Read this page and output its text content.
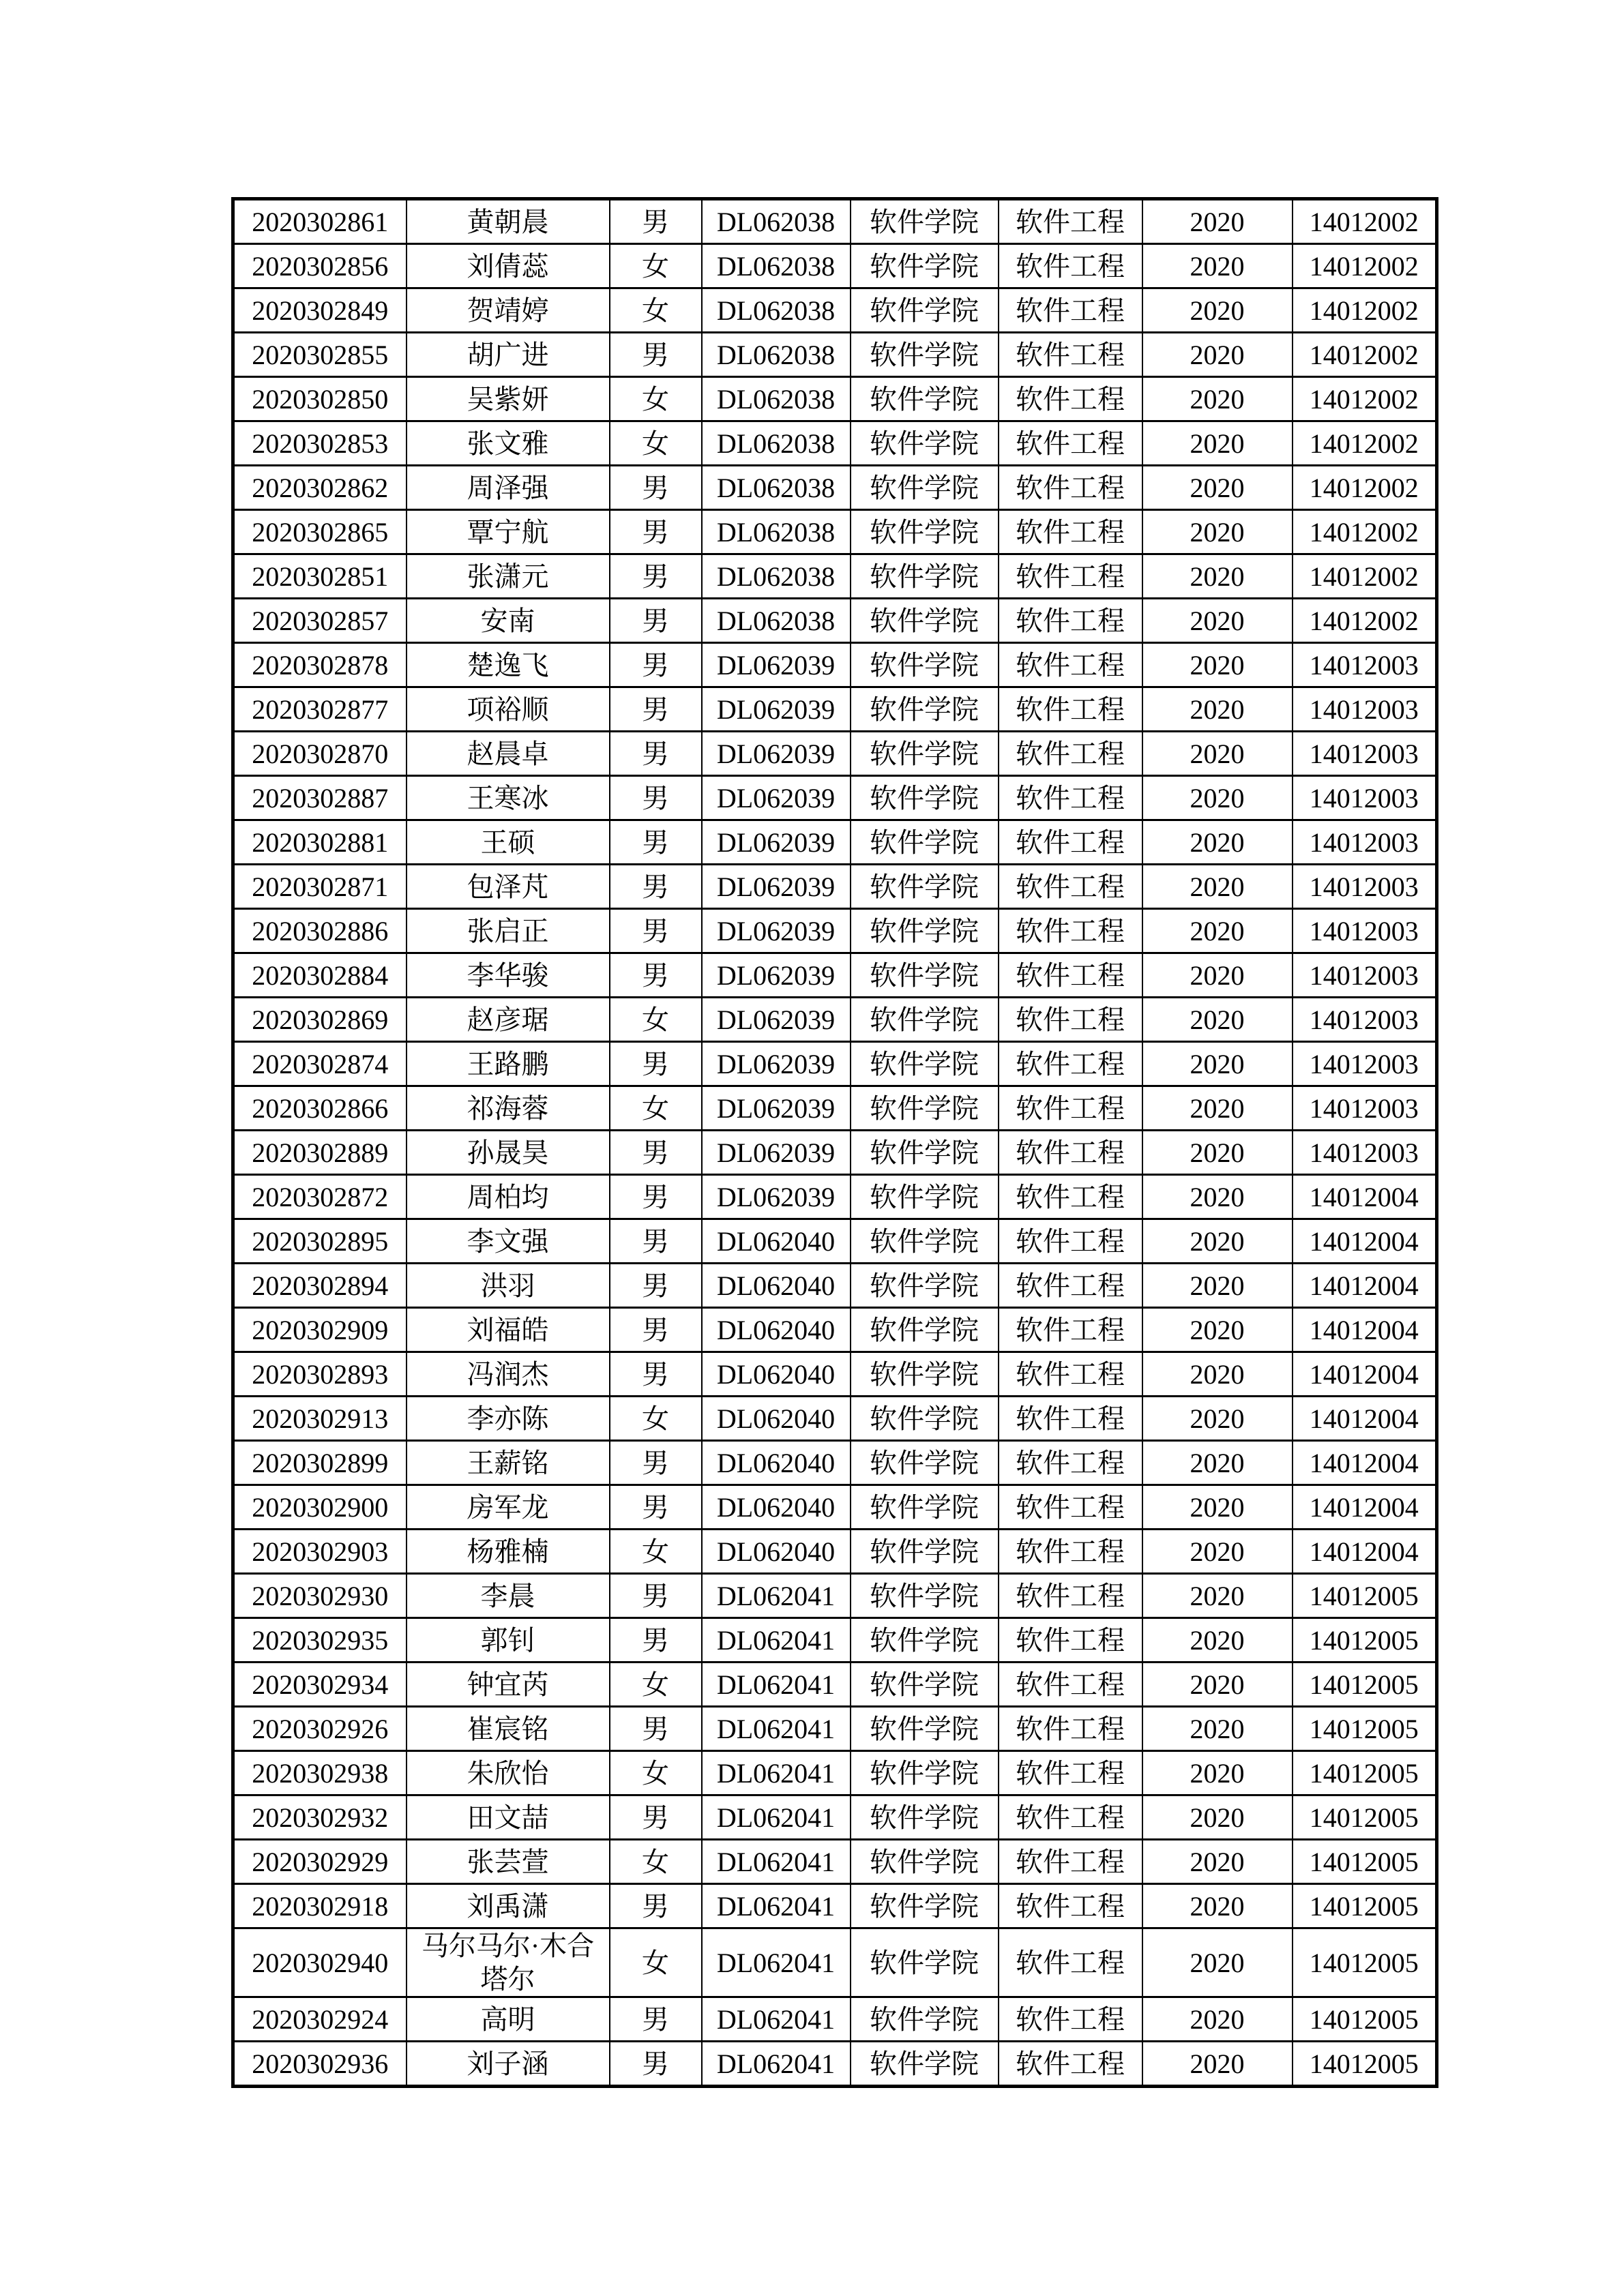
2020302861	黄朝晨	男	DL062038	软件学院	软件工程	2020	14012002
2020302856	刘倩蕊	女	DL062038	软件学院	软件工程	2020	14012002
2020302849	贺靖婷	女	DL062038	软件学院	软件工程	2020	14012002
2020302855	胡广进	男	DL062038	软件学院	软件工程	2020	14012002
2020302850	吴紫妍	女	DL062038	软件学院	软件工程	2020	14012002
2020302853	张文雅	女	DL062038	软件学院	软件工程	2020	14012002
2020302862	周泽强	男	DL062038	软件学院	软件工程	2020	14012002
2020302865	覃宁航	男	DL062038	软件学院	软件工程	2020	14012002
2020302851	张潇元	男	DL062038	软件学院	软件工程	2020	14012002
2020302857	安南	男	DL062038	软件学院	软件工程	2020	14012002
2020302878	楚逸飞	男	DL062039	软件学院	软件工程	2020	14012003
2020302877	项裕顺	男	DL062039	软件学院	软件工程	2020	14012003
2020302870	赵晨卓	男	DL062039	软件学院	软件工程	2020	14012003
2020302887	王寒冰	男	DL062039	软件学院	软件工程	2020	14012003
2020302881	王硕	男	DL062039	软件学院	软件工程	2020	14012003
2020302871	包泽芃	男	DL062039	软件学院	软件工程	2020	14012003
2020302886	张启正	男	DL062039	软件学院	软件工程	2020	14012003
2020302884	李华骏	男	DL062039	软件学院	软件工程	2020	14012003
2020302869	赵彦琚	女	DL062039	软件学院	软件工程	2020	14012003
2020302874	王路鹏	男	DL062039	软件学院	软件工程	2020	14012003
2020302866	祁海蓉	女	DL062039	软件学院	软件工程	2020	14012003
2020302889	孙晟昊	男	DL062039	软件学院	软件工程	2020	14012003
2020302872	周柏均	男	DL062039	软件学院	软件工程	2020	14012004
2020302895	李文强	男	DL062040	软件学院	软件工程	2020	14012004
2020302894	洪羽	男	DL062040	软件学院	软件工程	2020	14012004
2020302909	刘福皓	男	DL062040	软件学院	软件工程	2020	14012004
2020302893	冯润杰	男	DL062040	软件学院	软件工程	2020	14012004
2020302913	李亦陈	女	DL062040	软件学院	软件工程	2020	14012004
2020302899	王薪铭	男	DL062040	软件学院	软件工程	2020	14012004
2020302900	房军龙	男	DL062040	软件学院	软件工程	2020	14012004
2020302903	杨雅楠	女	DL062040	软件学院	软件工程	2020	14012004
2020302930	李晨	男	DL062041	软件学院	软件工程	2020	14012005
2020302935	郭钊	男	DL062041	软件学院	软件工程	2020	14012005
2020302934	钟宜芮	女	DL062041	软件学院	软件工程	2020	14012005
2020302926	崔宸铭	男	DL062041	软件学院	软件工程	2020	14012005
2020302938	朱欣怡	女	DL062041	软件学院	软件工程	2020	14012005
2020302932	田文喆	男	DL062041	软件学院	软件工程	2020	14012005
2020302929	张芸萱	女	DL062041	软件学院	软件工程	2020	14012005
2020302918	刘禹潇	男	DL062041	软件学院	软件工程	2020	14012005
2020302940	马尔马尔·木合塔尔	女	DL062041	软件学院	软件工程	2020	14012005
2020302924	高明	男	DL062041	软件学院	软件工程	2020	14012005
2020302936	刘子涵	男	DL062041	软件学院	软件工程	2020	14012005
